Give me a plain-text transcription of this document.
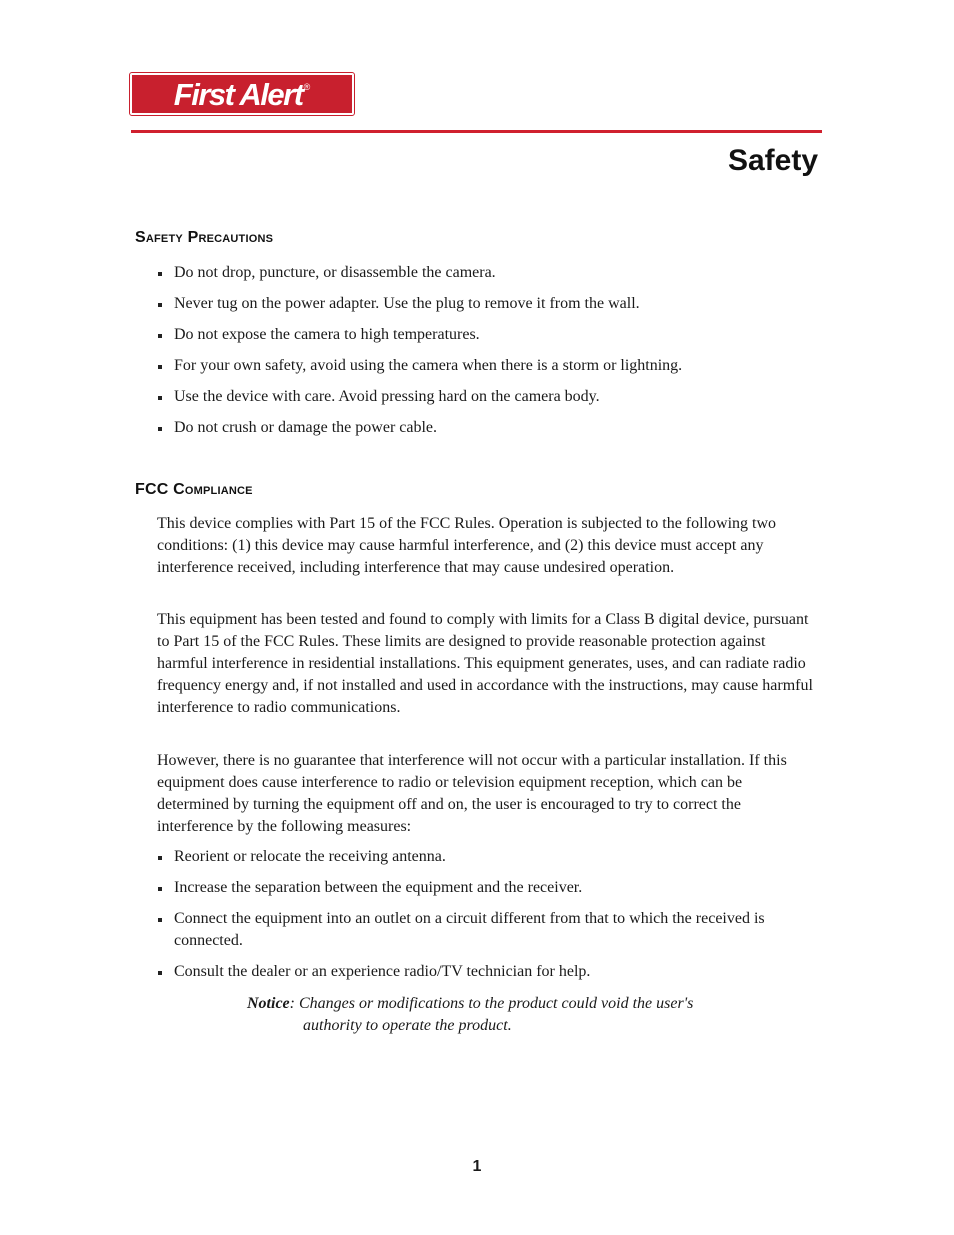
First Alert ®
Safety
Safety Precautions
Do not drop, puncture, or disassemble the camera.
Never tug on the power adapter. Use the plug to remove it from the wall.
Do not expose the camera to high temperatures.
For your own safety, avoid using the camera when there is a storm or lightning.
Use the device with care. Avoid pressing hard on the camera body.
Do not crush or damage the power cable.
FCC Compliance

This device complies with Part 15 of the FCC Rules. Operation is subjected to the following two conditions: (1) this device may cause harmful interference, and (2) this device must accept any interference received, including interference that may cause undesired operation.

This equipment has been tested and found to comply with limits for a Class B digital device, pursuant to Part 15 of the FCC Rules. These limits are designed to provide reasonable protection against harmful interference in residential installations. This equipment generates, uses, and can radiate radio frequency energy and, if not installed and used in accordance with the instructions, may cause harmful interference to radio communications.

However, there is no guarantee that interference will not occur with a particular installation. If this equipment does cause interference to radio or television equipment reception, which can be determined by turning the equipment off and on, the user is encouraged to try to correct the interference by the following measures:

Reorient or relocate the receiving antenna.
Increase the separation between the equipment and the receiver.
Connect the equipment into an outlet on a circuit different from that to which the received is connected.
Consult the dealer or an experience radio/TV technician for help.
Notice: Changes or modifications to the product could void the user's
authority to operate the product.
1
